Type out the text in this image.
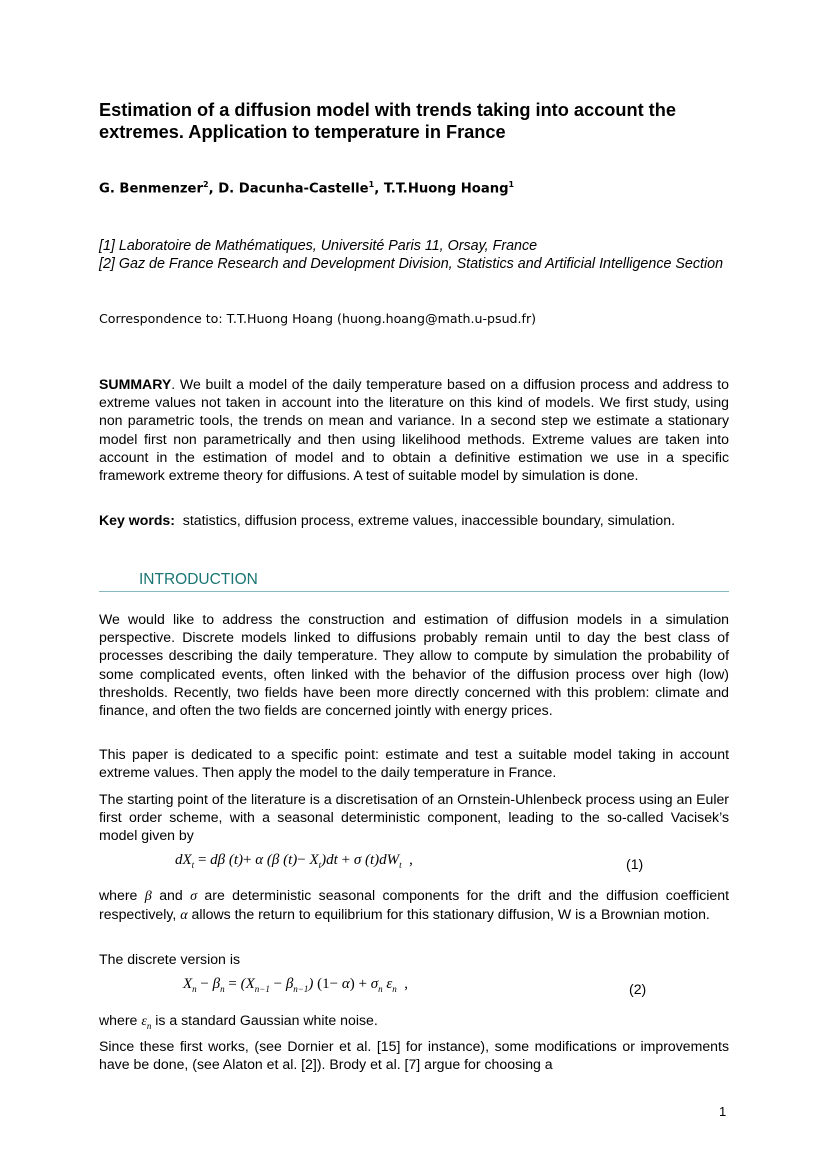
Estimation of a diffusion model with trends taking into account the extremes. Application to temperature in France
G. Benmenzer$^2$, D. Dacunha-Castelle$^1$, T.T.Huong Hoang$^1$
[1] Laboratoire de Mathématiques, Université Paris 11, Orsay, France
[2] Gaz de France Research and Development Division, Statistics and Artificial Intelligence Section
Correspondence to: T.T.Huong Hoang (huong.hoang@math.u-psud.fr)
SUMMARY. We built a model of the daily temperature based on a diffusion process and address to extreme values not taken in account into the literature on this kind of models. We first study, using non parametric tools, the trends on mean and variance. In a second step we estimate a stationary model first non parametrically and then using likelihood methods. Extreme values are taken into account in the estimation of model and to obtain a definitive estimation we use in a specific framework extreme theory for diffusions. A test of suitable model by simulation is done.
Key words:  statistics, diffusion process, extreme values, inaccessible boundary, simulation.
INTRODUCTION
We would like to address the construction and estimation of diffusion models in a simulation perspective. Discrete models linked to diffusions probably remain until to day the best class of processes describing the daily temperature. They allow to compute by simulation the probability of some complicated events, often linked with the behavior of the diffusion process over high (low) thresholds. Recently, two fields have been more directly concerned with this problem: climate and finance, and often the two fields are concerned jointly with energy prices.
This paper is dedicated to a specific point: estimate and test a suitable model taking in account extreme values. Then apply the model to the daily temperature in France.
The starting point of the literature is a discretisation of an Ornstein-Uhlenbeck process using an Euler first order scheme, with a seasonal deterministic component, leading to the so-called Vacisek’s model given by
$dX_t = d\beta$ (t)+ α (β $(t)- X_t)dt + \sigma$ $(t)dW_t$  ,	(1)
where β and σ are deterministic seasonal components for the drift and the diffusion coefficient respectively, α allows the return to equilibrium for this stationary diffusion, W is a Brownian motion.
The discrete version is
$X_n - \beta_n = (X_{n-1} - \beta_{n-1})$ $(1- \alpha) + \sigma_n$ $\varepsilon_n$  ,	(2)
where $\varepsilon_n$ is a standard Gaussian white noise.
Since these first works, (see Dornier et al. [15] for instance), some modifications or improvements have be done, (see Alaton et al. [2]). Brody et al. [7] argue for choosing a
1
